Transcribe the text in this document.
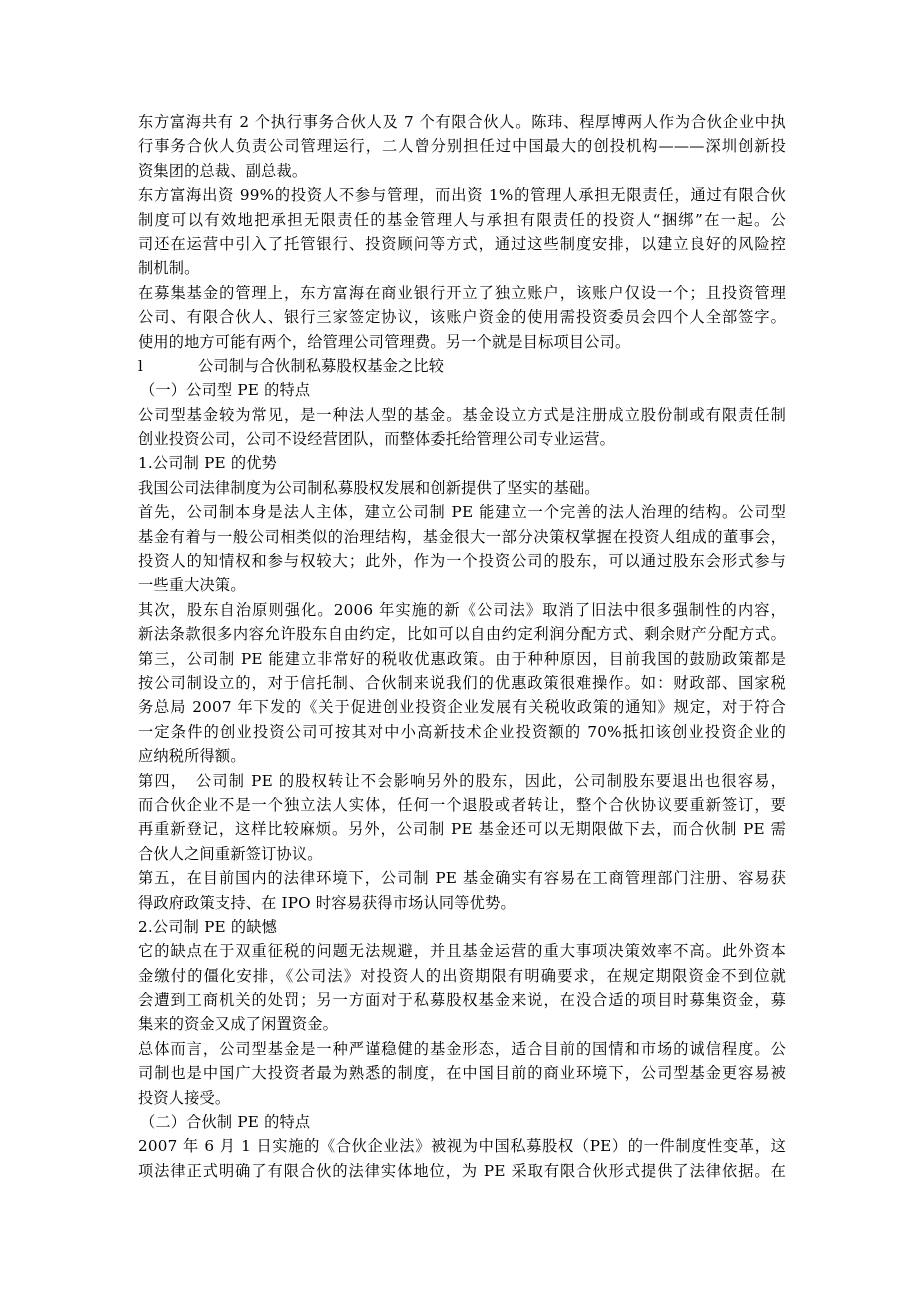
东方富海共有 2 个执行事务合伙人及 7 个有限合伙人。陈玮、程厚博两人作为合伙企业中执
行事务合伙人负责公司管理运行，二人曾分别担任过中国最大的创投机构———深圳创新投
资集团的总裁、副总裁。
东方富海出资 99%的投资人不参与管理，而出资 1%的管理人承担无限责任，通过有限合伙
制度可以有效地把承担无限责任的基金管理人与承担有限责任的投资人“捆绑”在一起。公
司还在运营中引入了托管银行、投资顾问等方式，通过这些制度安排，以建立良好的风险控
制机制。
在募集基金的管理上，东方富海在商业银行开立了独立账户，该账户仅设一个；且投资管理
公司、有限合伙人、银行三家签定协议，该账户资金的使用需投资委员会四个人全部签字。
使用的地方可能有两个，给管理公司管理费。另一个就是目标项目公司。
l	公司制与合伙制私募股权基金之比较
（一）公司型 PE 的特点
公司型基金较为常见，是一种法人型的基金。基金设立方式是注册成立股份制或有限责任制
创业投资公司，公司不设经营团队，而整体委托给管理公司专业运营。
1.公司制 PE 的优势
我国公司法律制度为公司制私募股权发展和创新提供了坚实的基础。
首先，公司制本身是法人主体，建立公司制 PE 能建立一个完善的法人治理的结构。公司型
基金有着与一般公司相类似的治理结构，基金很大一部分决策权掌握在投资人组成的董事会，
投资人的知情权和参与权较大；此外，作为一个投资公司的股东，可以通过股东会形式参与
一些重大决策。
其次，股东自治原则强化。2006 年实施的新《公司法》取消了旧法中很多强制性的内容，
新法条款很多内容允许股东自由约定，比如可以自由约定利润分配方式、剩余财产分配方式。
第三，公司制 PE 能建立非常好的税收优惠政策。由于种种原因，目前我国的鼓励政策都是
按公司制设立的，对于信托制、合伙制来说我们的优惠政策很难操作。如：财政部、国家税
务总局 2007 年下发的《关于促进创业投资企业发展有关税收政策的通知》规定，对于符合
一定条件的创业投资公司可按其对中小高新技术企业投资额的 70%抵扣该创业投资企业的
应纳税所得额。
第四，　公司制 PE 的股权转让不会影响另外的股东，因此，公司制股东要退出也很容易，
而合伙企业不是一个独立法人实体，任何一个退股或者转让，整个合伙协议要重新签订，要
再重新登记，这样比较麻烦。另外，公司制 PE 基金还可以无期限做下去，而合伙制 PE 需
合伙人之间重新签订协议。
第五，在目前国内的法律环境下，公司制 PE 基金确实有容易在工商管理部门注册、容易获
得政府政策支持、在 IPO 时容易获得市场认同等优势。
2.公司制 PE 的缺憾
它的缺点在于双重征税的问题无法规避，并且基金运营的重大事项决策效率不高。此外资本
金缴付的僵化安排，《公司法》对投资人的出资期限有明确要求，在规定期限资金不到位就
会遭到工商机关的处罚；另一方面对于私募股权基金来说，在没合适的项目时募集资金，募
集来的资金又成了闲置资金。
总体而言，公司型基金是一种严谨稳健的基金形态，适合目前的国情和市场的诚信程度。公
司制也是中国广大投资者最为熟悉的制度，在中国目前的商业环境下，公司型基金更容易被
投资人接受。
（二）合伙制 PE 的特点
2007 年 6 月 1 日实施的《合伙企业法》被视为中国私募股权（PE）的一件制度性变革，这
项法律正式明确了有限合伙的法律实体地位，为 PE 采取有限合伙形式提供了法律依据。在
